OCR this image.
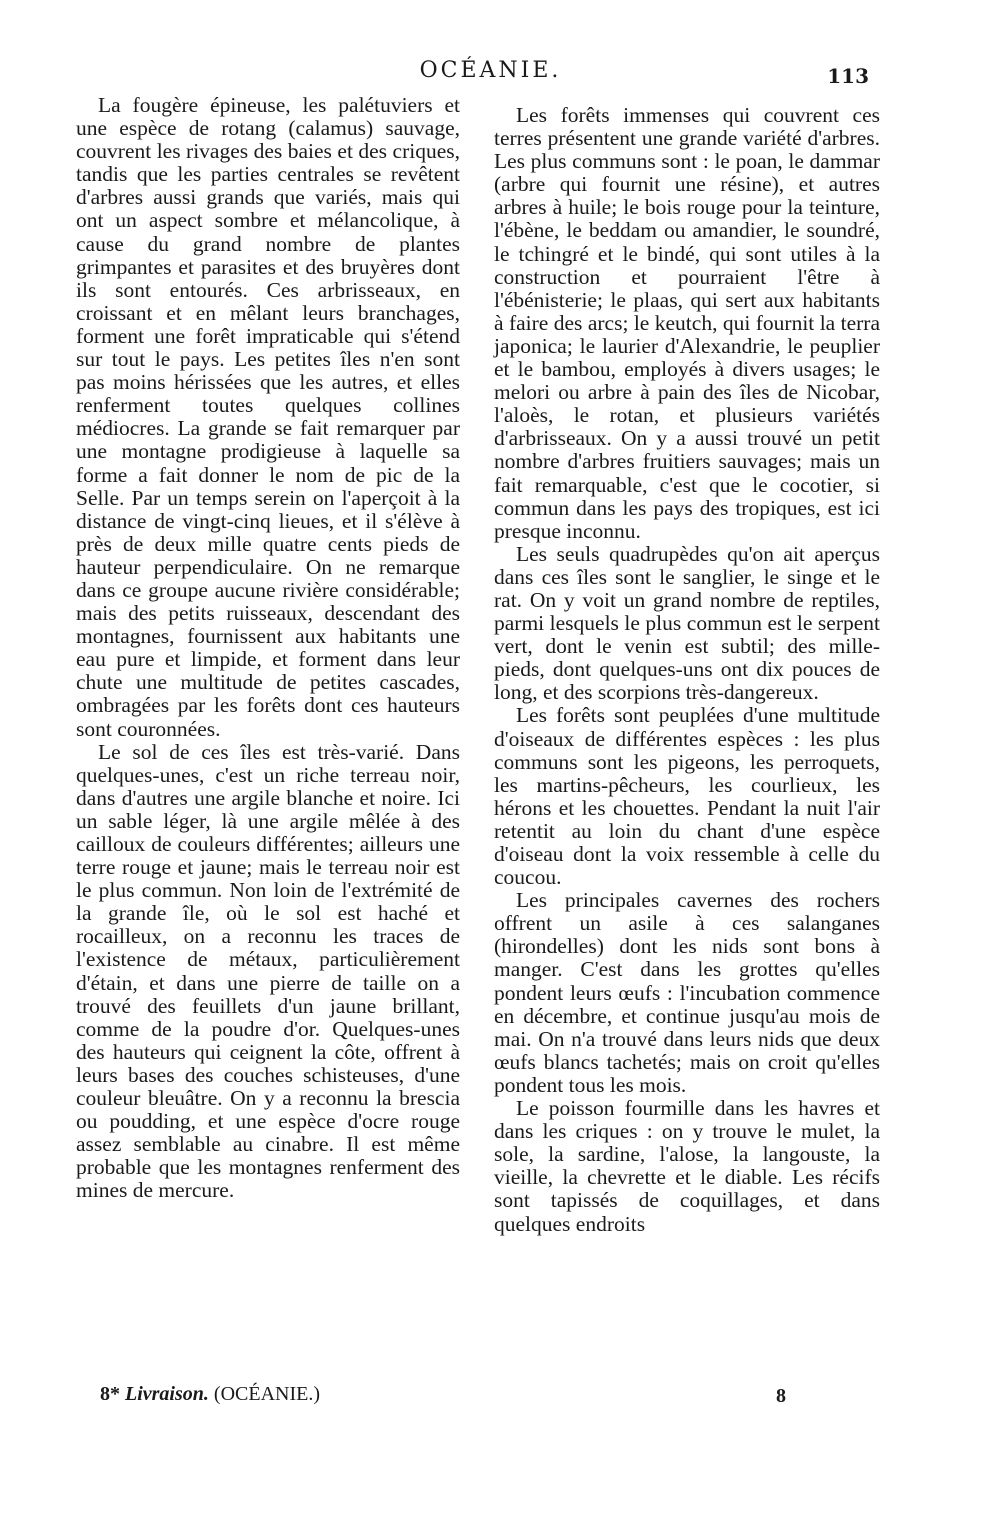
OCÉANIE.	113

La fougère épineuse, les palétuviers et une espèce de rotang (calamus) sauvage, couvrent les rivages des baies et des criques, tandis que les parties centrales se revêtent d'arbres aussi grands que variés, mais qui ont un aspect sombre et mélancolique, à cause du grand nombre de plantes grimpantes et parasites et des bruyères dont ils sont entourés. Ces arbrisseaux, en croissant et en mêlant leurs branchages, forment une forêt impraticable qui s'étend sur tout le pays. Les petites îles n'en sont pas moins hérissées que les autres, et elles renferment toutes quelques collines médiocres. La grande se fait remarquer par une montagne prodigieuse à laquelle sa forme a fait donner le nom de pic de la Selle. Par un temps serein on l'aperçoit à la distance de vingt-cinq lieues, et il s'élève à près de deux mille quatre cents pieds de hauteur perpendiculaire. On ne remarque dans ce groupe aucune rivière considérable; mais des petits ruisseaux, descendant des montagnes, fournissent aux habitants une eau pure et limpide, et forment dans leur chute une multitude de petites cascades, ombragées par les forêts dont ces hauteurs sont couronnées.

Le sol de ces îles est très-varié. Dans quelques-unes, c'est un riche terreau noir, dans d'autres une argile blanche et noire. Ici un sable léger, là une argile mêlée à des cailloux de couleurs différentes; ailleurs une terre rouge et jaune; mais le terreau noir est le plus commun. Non loin de l'extrémité de la grande île, où le sol est haché et rocailleux, on a reconnu les traces de l'existence de métaux, particulièrement d'étain, et dans une pierre de taille on a trouvé des feuillets d'un jaune brillant, comme de la poudre d'or. Quelques-unes des hauteurs qui ceignent la côte, offrent à leurs bases des couches schisteuses, d'une couleur bleuâtre. On y a reconnu la brescia ou poudding, et une espèce d'ocre rouge assez semblable au cinabre. Il est même probable que les montagnes renferment des mines de mercure.

Les forêts immenses qui couvrent ces terres présentent une grande variété d'arbres. Les plus communs sont : le poan, le dammar (arbre qui fournit une résine), et autres arbres à huile; le bois rouge pour la teinture, l'ébène, le beddam ou amandier, le soundré, le tchingré et le bindé, qui sont utiles à la construction et pourraient l'être à l'ébénisterie; le plaas, qui sert aux habitants à faire des arcs; le keutch, qui fournit la terra japonica; le laurier d'Alexandrie, le peuplier et le bambou, employés à divers usages; le melori ou arbre à pain des îles de Nicobar, l'aloès, le rotan, et plusieurs variétés d'arbrisseaux. On y a aussi trouvé un petit nombre d'arbres fruitiers sauvages; mais un fait remarquable, c'est que le cocotier, si commun dans les pays des tropiques, est ici presque inconnu.

Les seuls quadrupèdes qu'on ait aperçus dans ces îles sont le sanglier, le singe et le rat. On y voit un grand nombre de reptiles, parmi lesquels le plus commun est le serpent vert, dont le venin est subtil; des mille-pieds, dont quelques-uns ont dix pouces de long, et des scorpions très-dangereux.

Les forêts sont peuplées d'une multitude d'oiseaux de différentes espèces : les plus communs sont les pigeons, les perroquets, les martins-pêcheurs, les courlieux, les hérons et les chouettes. Pendant la nuit l'air retentit au loin du chant d'une espèce d'oiseau dont la voix ressemble à celle du coucou.

Les principales cavernes des rochers offrent un asile à ces salanganes (hirondelles) dont les nids sont bons à manger. C'est dans les grottes qu'elles pondent leurs œufs : l'incubation commence en décembre, et continue jusqu'au mois de mai. On n'a trouvé dans leurs nids que deux œufs blancs tachetés; mais on croit qu'elles pondent tous les mois.

Le poisson fourmille dans les havres et dans les criques : on y trouve le mulet, la sole, la sardine, l'alose, la langouste, la vieille, la chevrette et le diable. Les récifs sont tapissés de coquillages, et dans quelques endroits

8* Livraison. (OCÉANIE.)	8
